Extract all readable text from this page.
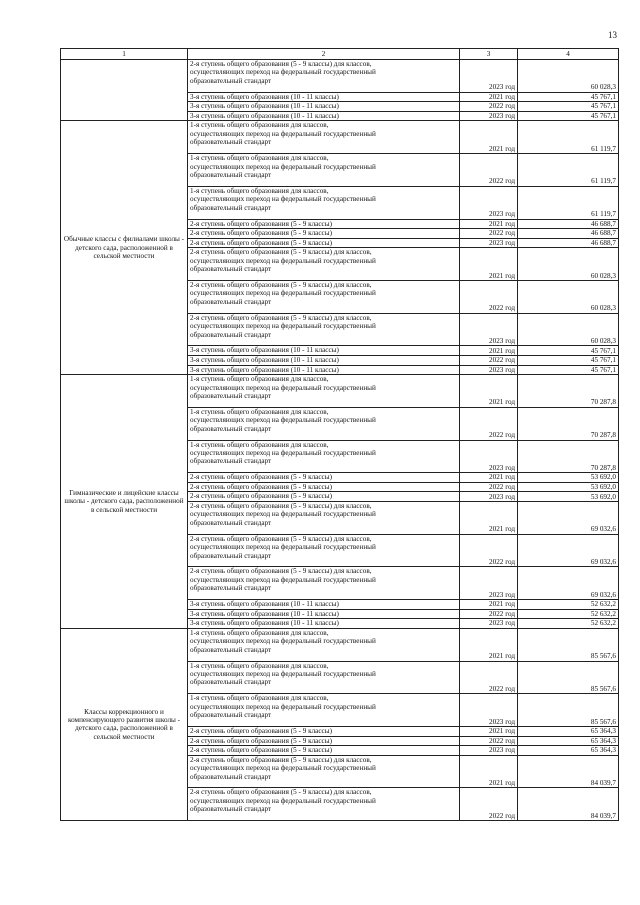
13
1	2	3	4
	2-я ступень общего образования (5 - 9 классы) для классов,
осуществляющих переход на федеральный государственный
образовательный стандарт	2023 год	60 028,3
	3-я ступень общего образования (10 - 11 классы)	2021 год	45 767,1
	3-я ступень общего образования (10 - 11 классы)	2022 год	45 767,1
	3-я ступень общего образования (10 - 11 классы)	2023 год	45 767,1
Обычные классы с филиалами школы - детского сада, расположенной в сельской местности	1-я ступень общего образования для классов,
осуществляющих переход на федеральный государственный
образовательный стандарт	2021 год	61 119,7
	1-я ступень общего образования для классов,
осуществляющих переход на федеральный государственный
образовательный стандарт	2022 год	61 119,7
	1-я ступень общего образования для классов,
осуществляющих переход на федеральный государственный
образовательный стандарт	2023 год	61 119,7
	2-я ступень общего образования (5 - 9 классы)	2021 год	46 688,7
	2-я ступень общего образования (5 - 9 классы)	2022 год	46 688,7
	2-я ступень общего образования (5 - 9 классы)	2023 год	46 688,7
	2-я ступень общего образования (5 - 9 классы) для классов,
осуществляющих переход на федеральный государственный
образовательный стандарт	2021 год	60 028,3
	2-я ступень общего образования (5 - 9 классы) для классов,
осуществляющих переход на федеральный государственный
образовательный стандарт	2022 год	60 028,3
	2-я ступень общего образования (5 - 9 классы) для классов,
осуществляющих переход на федеральный государственный
образовательный стандарт	2023 год	60 028,3
	3-я ступень общего образования (10 - 11 классы)	2021 год	45 767,1
	3-я ступень общего образования (10 - 11 классы)	2022 год	45 767,1
	3-я ступень общего образования (10 - 11 классы)	2023 год	45 767,1
Гимназические и лицейские классы школы - детского сада, расположенной в сельской местности	1-я ступень общего образования для классов,
осуществляющих переход на федеральный государственный
образовательный стандарт	2021 год	70 287,8
	1-я ступень общего образования для классов,
осуществляющих переход на федеральный государственный
образовательный стандарт	2022 год	70 287,8
	1-я ступень общего образования для классов,
осуществляющих переход на федеральный государственный
образовательный стандарт	2023 год	70 287,8
	2-я ступень общего образования (5 - 9 классы)	2021 год	53 692,0
	2-я ступень общего образования (5 - 9 классы)	2022 год	53 692,0
	2-я ступень общего образования (5 - 9 классы)	2023 год	53 692,0
	2-я ступень общего образования (5 - 9 классы) для классов,
осуществляющих переход на федеральный государственный
образовательный стандарт	2021 год	69 032,6
	2-я ступень общего образования (5 - 9 классы) для классов,
осуществляющих переход на федеральный государственный
образовательный стандарт	2022 год	69 032,6
	2-я ступень общего образования (5 - 9 классы) для классов,
осуществляющих переход на федеральный государственный
образовательный стандарт	2023 год	69 032,6
	3-я ступень общего образования (10 - 11 классы)	2021 год	52 632,2
	3-я ступень общего образования (10 - 11 классы)	2022 год	52 632,2
	3-я ступень общего образования (10 - 11 классы)	2023 год	52 632,2
Классы коррекционного и компенсирующего развития школы - детского сада, расположенной в сельской местности	1-я ступень общего образования для классов,
осуществляющих переход на федеральный государственный
образовательный стандарт	2021 год	85 567,6
	1-я ступень общего образования для классов,
осуществляющих переход на федеральный государственный
образовательный стандарт	2022 год	85 567,6
	1-я ступень общего образования для классов,
осуществляющих переход на федеральный государственный
образовательный стандарт	2023 год	85 567,6
	2-я ступень общего образования (5 - 9 классы)	2021 год	65 364,3
	2-я ступень общего образования (5 - 9 классы)	2022 год	65 364,3
	2-я ступень общего образования (5 - 9 классы)	2023 год	65 364,3
	2-я ступень общего образования (5 - 9 классы) для классов,
осуществляющих переход на федеральный государственный
образовательный стандарт	2021 год	84 039,7
	2-я ступень общего образования (5 - 9 классы) для классов,
осуществляющих переход на федеральный государственный
образовательный стандарт	2022 год	84 039,7
